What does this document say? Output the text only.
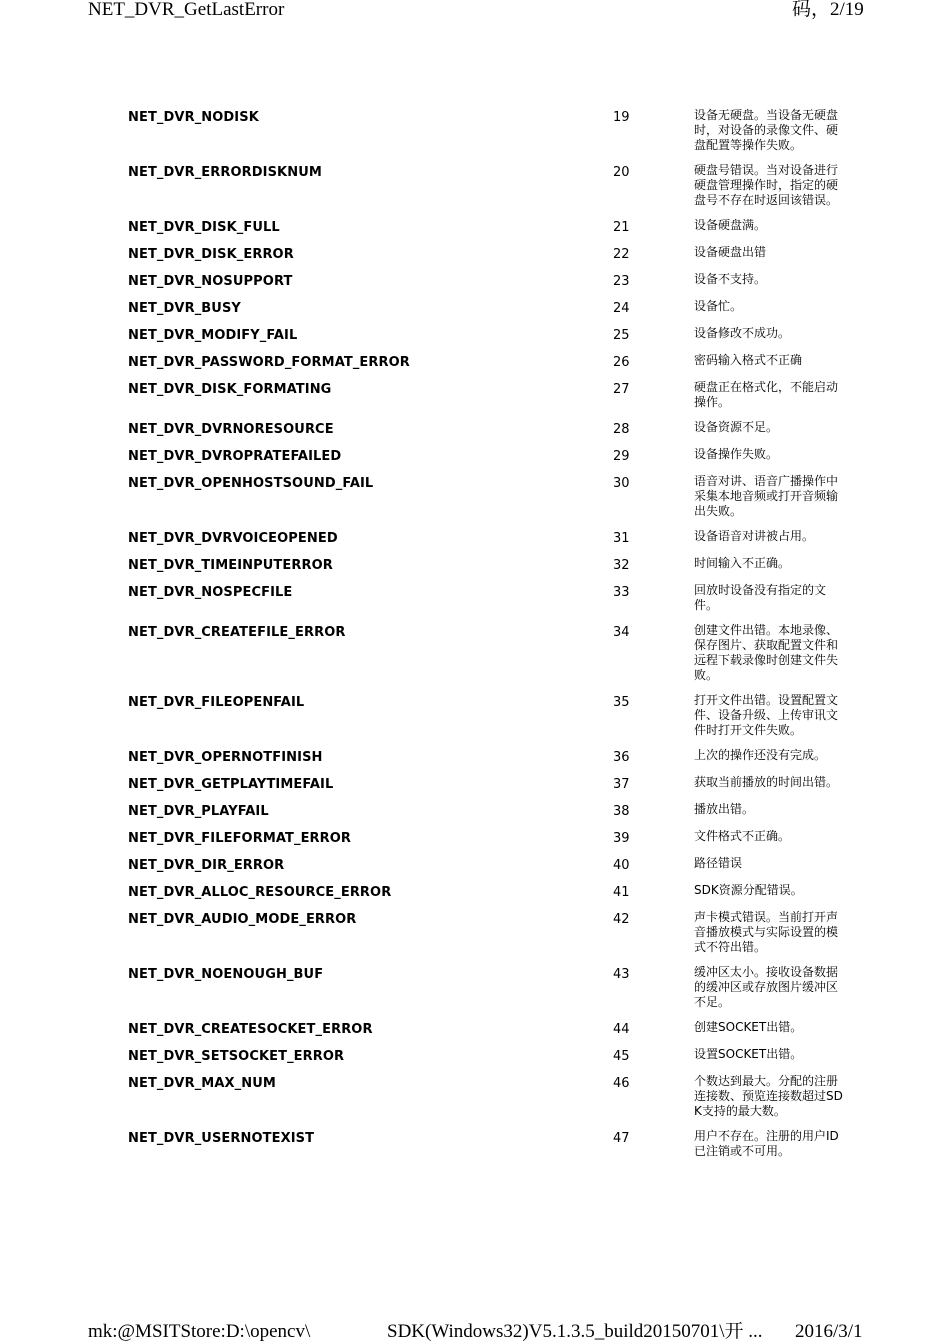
NET_DVR_GetLastError	码，2/19
NET_DVR_NODISK	19	设备无硬盘。当设备无硬盘时，对设备的录像文件、硬盘配置等操作失败。
NET_DVR_ERRORDISKNUM	20	硬盘号错误。当对设备进行硬盘管理操作时，指定的硬盘号不存在时返回该错误。
NET_DVR_DISK_FULL	21	设备硬盘满。
NET_DVR_DISK_ERROR	22	设备硬盘出错
NET_DVR_NOSUPPORT	23	设备不支持。
NET_DVR_BUSY	24	设备忙。
NET_DVR_MODIFY_FAIL	25	设备修改不成功。
NET_DVR_PASSWORD_FORMAT_ERROR	26	密码输入格式不正确
NET_DVR_DISK_FORMATING	27	硬盘正在格式化，不能启动操作。
NET_DVR_DVRNORESOURCE	28	设备资源不足。
NET_DVR_DVROPRATEFAILED	29	设备操作失败。
NET_DVR_OPENHOSTSOUND_FAIL	30	语音对讲、语音广播操作中采集本地音频或打开音频输出失败。
NET_DVR_DVRVOICEOPENED	31	设备语音对讲被占用。
NET_DVR_TIMEINPUTERROR	32	时间输入不正确。
NET_DVR_NOSPECFILE	33	回放时设备没有指定的文件。
NET_DVR_CREATEFILE_ERROR	34	创建文件出错。本地录像、保存图片、获取配置文件和远程下载录像时创建文件失败。
NET_DVR_FILEOPENFAIL	35	打开文件出错。设置配置文件、设备升级、上传审讯文件时打开文件失败。
NET_DVR_OPERNOTFINISH	36	上次的操作还没有完成。
NET_DVR_GETPLAYTIMEFAIL	37	获取当前播放的时间出错。
NET_DVR_PLAYFAIL	38	播放出错。
NET_DVR_FILEFORMAT_ERROR	39	文件格式不正确。
NET_DVR_DIR_ERROR	40	路径错误
NET_DVR_ALLOC_RESOURCE_ERROR	41	SDK资源分配错误。
NET_DVR_AUDIO_MODE_ERROR	42	声卡模式错误。当前打开声音播放模式与实际设置的模式不符出错。
NET_DVR_NOENOUGH_BUF	43	缓冲区太小。接收设备数据的缓冲区或存放图片缓冲区不足。
NET_DVR_CREATESOCKET_ERROR	44	创建SOCKET出错。
NET_DVR_SETSOCKET_ERROR	45	设置SOCKET出错。
NET_DVR_MAX_NUM	46	个数达到最大。分配的注册连接数、预览连接数超过SDK支持的最大数。
NET_DVR_USERNOTEXIST	47	用户不存在。注册的用户ID已注销或不可用。
mk:@MSITStore:D:\opencv\	SDK(Windows32)V5.1.3.5_build20150701\开 ... 2016/3/1
